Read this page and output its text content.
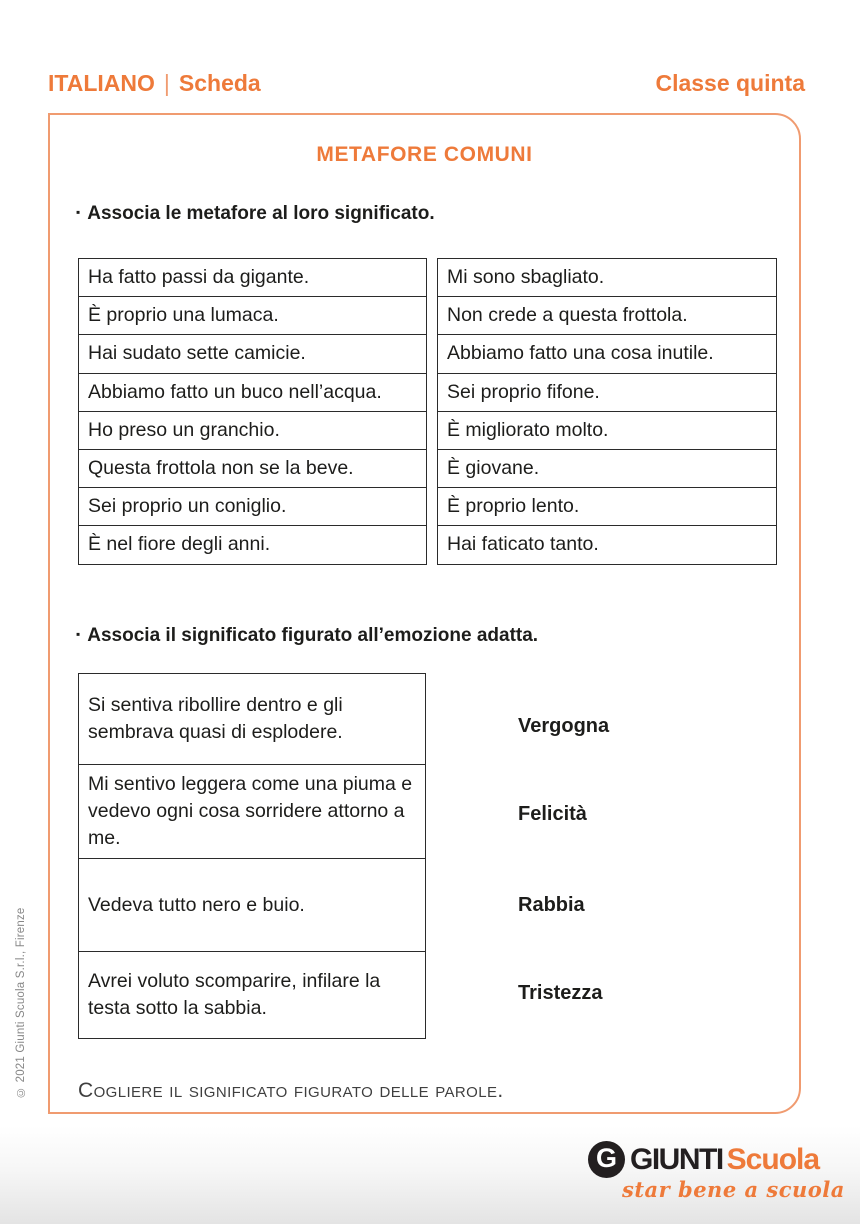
ITALIANO | Scheda	Classe quinta
METAFORE COMUNI
▪ Associa le metafore al loro significato.
Ha fatto passi da gigante.
È proprio una lumaca.
Hai sudato sette camicie.
Abbiamo fatto un buco nell’acqua.
Ho preso un granchio.
Questa frottola non se la beve.
Sei proprio un coniglio.
È nel fiore degli anni.
Mi sono sbagliato.
Non crede a questa frottola.
Abbiamo fatto una cosa inutile.
Sei proprio fifone.
È migliorato molto.
È giovane.
È proprio lento.
Hai faticato tanto.
▪ Associa il significato figurato all’emozione adatta.
Si sentiva ribollire dentro e gli sembrava quasi di esplodere.
Mi sentivo leggera come una piuma e vedevo ogni cosa sorridere attorno a me.
Vedeva tutto nero e buio.
Avrei voluto scomparire, infilare la testa sotto la sabbia.
Vergogna
Felicità
Rabbia
Tristezza
Cogliere il significato figurato delle parole.
© 2021 Giunti Scuola S.r.l., Firenze
G GIUNTI Scuola
star bene a scuola
